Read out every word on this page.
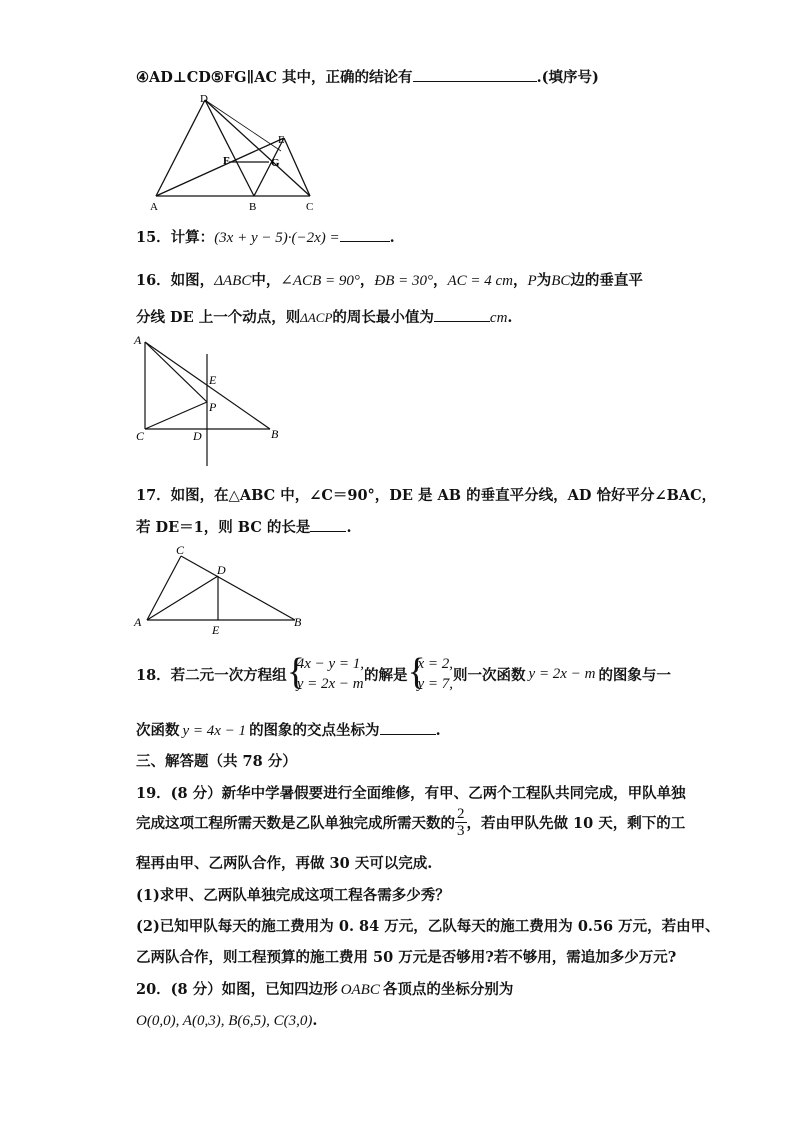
④AD⊥CD⑤FG∥AC 其中，正确的结论有	.(填序号)
D
E
F	G
A	B	C
15．计算：(3x + y − 5)·(−2x) =	.
16．如图，ΔABC中，∠ACB = 90°，ÐB = 30°，AC = 4 cm，P为BC边的垂直平
分线 DE 上一个动点，则ΔACP的周长最小值为	cm.
A
E
P
C	D	B
17．如图，在△ABC 中，∠C＝90°，DE 是 AB 的垂直平分线，AD 恰好平分∠BAC，
若 DE＝1，则 BC 的长是 .
C
D
A
E
B
18．若二元一次方程组 {
4x − y = 1,
y = 2x − m
的解是 {
x = 2,
y = 7,
则一次函数 y = 2x − m 的图象与一
次函数 y = 4x − 1 的图象的交点坐标为	.
三、解答题（共 78 分）
19．(8 分）新华中学暑假要进行全面维修，有甲、乙两个工程队共同完成，甲队单独
完成这项工程所需天数是乙队单独完成所需天数的 $\frac{2}{3}$ ，若由甲队先做 10 天，剩下的工
程再由甲、乙两队合作，再做 30 天可以完成.
(1)求甲、乙两队单独完成这项工程各需多少秀？
(2)已知甲队每天的施工费用为 0. 84 万元，乙队每天的施工费用为 0.56 万元，若由甲、
乙两队合作，则工程预算的施工费用 50 万元是否够用?若不够用，需追加多少万元?
20．(8 分）如图，已知四边形 OABC 各顶点的坐标分别为
O(0,0), A(0,3), B(6,5), C(3,0).
